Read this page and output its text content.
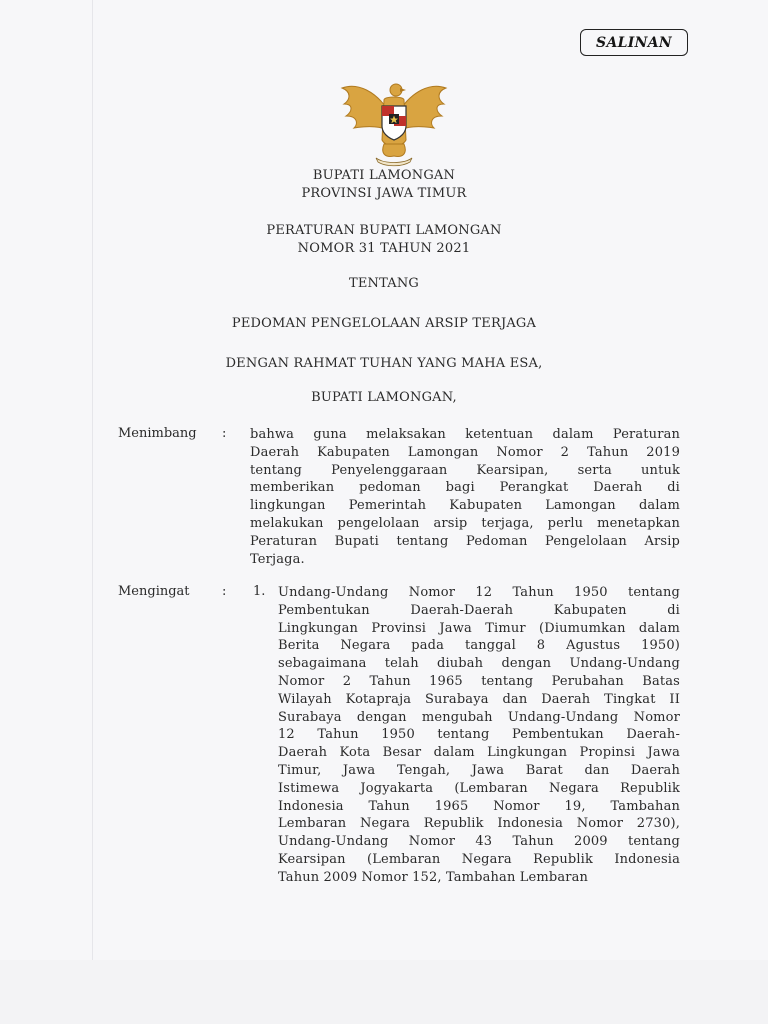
SALINAN
BUPATI LAMONGAN
PROVINSI JAWA TIMUR
PERATURAN BUPATI LAMONGAN
NOMOR 31 TAHUN 2021
TENTANG
PEDOMAN PENGELOLAAN ARSIP TERJAGA
DENGAN RAHMAT TUHAN YANG MAHA ESA,
BUPATI LAMONGAN,
Menimbang : bahwa guna melaksakan ketentuan dalam Peraturan
Daerah Kabupaten Lamongan Nomor 2 Tahun 2019
tentang Penyelenggaraan Kearsipan, serta untuk
memberikan pedoman bagi Perangkat Daerah di
lingkungan Pemerintah Kabupaten Lamongan dalam
melakukan pengelolaan arsip terjaga, perlu menetapkan
Peraturan Bupati tentang Pedoman Pengelolaan Arsip
Terjaga.
Mengingat : 1. Undang-Undang Nomor 12 Tahun 1950 tentang
Pembentukan Daerah-Daerah Kabupaten di
Lingkungan Provinsi Jawa Timur (Diumumkan dalam
Berita Negara pada tanggal 8 Agustus 1950)
sebagaimana telah diubah dengan Undang-Undang
Nomor 2 Tahun 1965 tentang Perubahan Batas
Wilayah Kotapraja Surabaya dan Daerah Tingkat II
Surabaya dengan mengubah Undang-Undang Nomor
12 Tahun 1950 tentang Pembentukan Daerah-
Daerah Kota Besar dalam Lingkungan Propinsi Jawa
Timur, Jawa Tengah, Jawa Barat dan Daerah
Istimewa Jogyakarta (Lembaran Negara Republik
Indonesia Tahun 1965 Nomor 19, Tambahan
Lembaran Negara Republik Indonesia Nomor 2730),
Undang-Undang Nomor 43 Tahun 2009 tentang
Kearsipan (Lembaran Negara Republik Indonesia
Tahun 2009 Nomor 152, Tambahan Lembaran
